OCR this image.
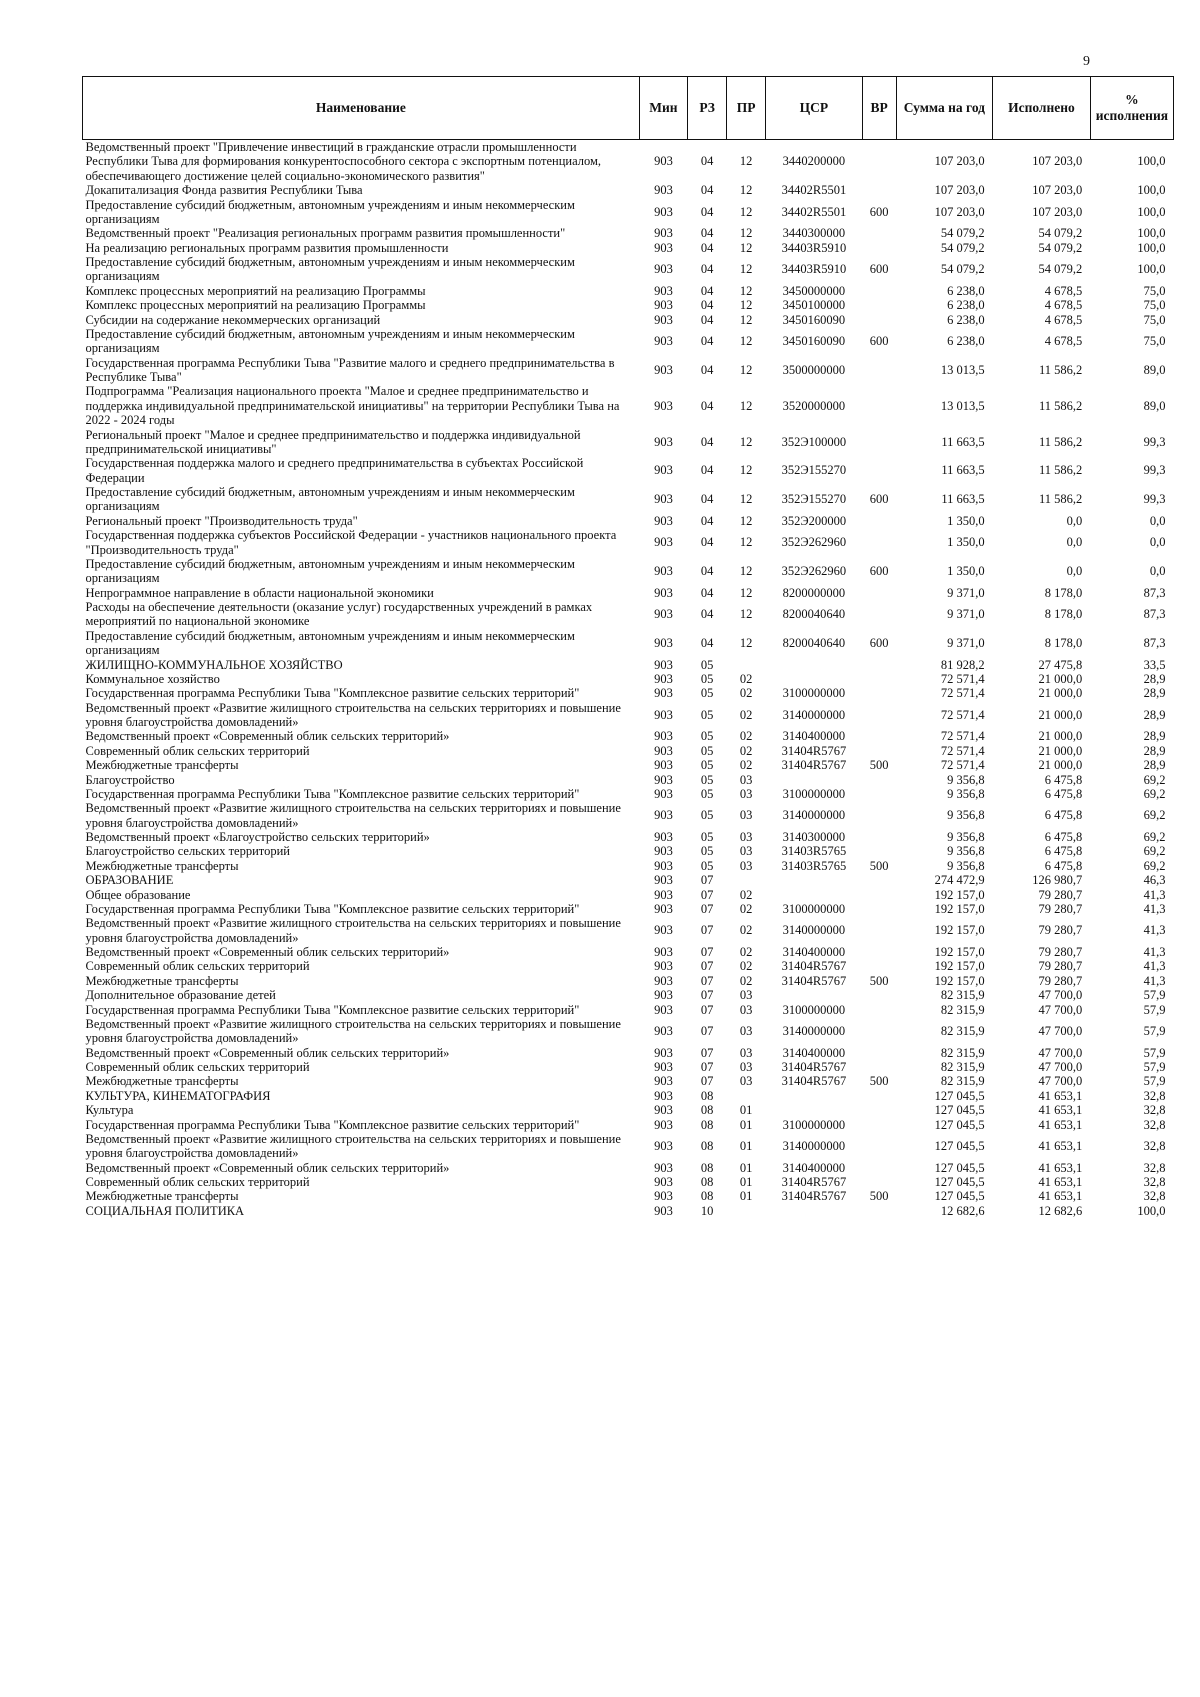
9
Наименование	Мин	РЗ	ПР	ЦСР	ВР	Сумма на год	Исполнено	% исполнения
Ведомственный проект "Привлечение инвестиций в гражданские отрасли промышленности Республики Тыва для формирования конкурентоспособного сектора с экспортным потенциалом, обеспечивающего достижение целей социально-экономического развития"	903	04	12	3440200000		107 203,0	107 203,0	100,0
Докапитализация Фонда развития Республики Тыва	903	04	12	34402R5501		107 203,0	107 203,0	100,0
Предоставление субсидий бюджетным, автономным учреждениям и иным некоммерческим организациям	903	04	12	34402R5501	600	107 203,0	107 203,0	100,0
Ведомственный проект "Реализация региональных программ развития промышленности"	903	04	12	3440300000		54 079,2	54 079,2	100,0
На реализацию региональных программ развития промышленности	903	04	12	34403R5910		54 079,2	54 079,2	100,0
Предоставление субсидий бюджетным, автономным учреждениям и иным некоммерческим организациям	903	04	12	34403R5910	600	54 079,2	54 079,2	100,0
Комплекс процессных мероприятий на реализацию Программы	903	04	12	3450000000		6 238,0	4 678,5	75,0
Комплекс процессных мероприятий на реализацию Программы	903	04	12	3450100000		6 238,0	4 678,5	75,0
Субсидии на содержание некоммерческих организаций	903	04	12	3450160090		6 238,0	4 678,5	75,0
Предоставление субсидий бюджетным, автономным учреждениям и иным некоммерческим организациям	903	04	12	3450160090	600	6 238,0	4 678,5	75,0
Государственная программа Республики Тыва "Развитие малого и среднего предпринимательства в Республике Тыва"	903	04	12	3500000000		13 013,5	11 586,2	89,0
Подпрограмма "Реализация национального проекта "Малое и среднее предпринимательство и поддержка индивидуальной предпринимательской инициативы" на территории Республики Тыва на 2022 - 2024 годы	903	04	12	3520000000		13 013,5	11 586,2	89,0
Региональный проект "Малое и среднее предпринимательство и поддержка индивидуальной предпринимательской инициативы"	903	04	12	352Э100000		11 663,5	11 586,2	99,3
Государственная поддержка малого и среднего предпринимательства в субъектах Российской Федерации	903	04	12	352Э155270		11 663,5	11 586,2	99,3
Предоставление субсидий бюджетным, автономным учреждениям и иным некоммерческим организациям	903	04	12	352Э155270	600	11 663,5	11 586,2	99,3
Региональный проект "Производительность труда"	903	04	12	352Э200000		1 350,0	0,0	0,0
Государственная поддержка субъектов Российской Федерации - участников национального проекта "Производительность труда"	903	04	12	352Э262960		1 350,0	0,0	0,0
Предоставление субсидий бюджетным, автономным учреждениям и иным некоммерческим организациям	903	04	12	352Э262960	600	1 350,0	0,0	0,0
Непрограммное направление в области национальной экономики	903	04	12	8200000000		9 371,0	8 178,0	87,3
Расходы на обеспечение деятельности (оказание услуг) государственных учреждений в рамках мероприятий по национальной экономике	903	04	12	8200040640		9 371,0	8 178,0	87,3
Предоставление субсидий бюджетным, автономным учреждениям и иным некоммерческим организациям	903	04	12	8200040640	600	9 371,0	8 178,0	87,3
ЖИЛИЩНО-КОММУНАЛЬНОЕ ХОЗЯЙСТВО	903	05				81 928,2	27 475,8	33,5
Коммунальное хозяйство	903	05	02			72 571,4	21 000,0	28,9
Государственная программа Республики Тыва "Комплексное развитие сельских территорий"	903	05	02	3100000000		72 571,4	21 000,0	28,9
Ведомственный проект «Развитие жилищного строительства на сельских территориях и повышение уровня благоустройства домовладений»	903	05	02	3140000000		72 571,4	21 000,0	28,9
Ведомственный проект «Современный облик сельских территорий»	903	05	02	3140400000		72 571,4	21 000,0	28,9
Современный облик сельских территорий	903	05	02	31404R5767		72 571,4	21 000,0	28,9
Межбюджетные трансферты	903	05	02	31404R5767	500	72 571,4	21 000,0	28,9
Благоустройство	903	05	03			9 356,8	6 475,8	69,2
Государственная программа Республики Тыва "Комплексное развитие сельских территорий"	903	05	03	3100000000		9 356,8	6 475,8	69,2
Ведомственный проект «Развитие жилищного строительства на сельских территориях и повышение уровня благоустройства домовладений»	903	05	03	3140000000		9 356,8	6 475,8	69,2
Ведомственный проект «Благоустройство сельских территорий»	903	05	03	3140300000		9 356,8	6 475,8	69,2
Благоустройство сельских территорий	903	05	03	31403R5765		9 356,8	6 475,8	69,2
Межбюджетные трансферты	903	05	03	31403R5765	500	9 356,8	6 475,8	69,2
ОБРАЗОВАНИЕ	903	07				274 472,9	126 980,7	46,3
Общее образование	903	07	02			192 157,0	79 280,7	41,3
Государственная программа Республики Тыва "Комплексное развитие сельских территорий"	903	07	02	3100000000		192 157,0	79 280,7	41,3
Ведомственный проект «Развитие жилищного строительства на сельских территориях и повышение уровня благоустройства домовладений»	903	07	02	3140000000		192 157,0	79 280,7	41,3
Ведомственный проект «Современный облик сельских территорий»	903	07	02	3140400000		192 157,0	79 280,7	41,3
Современный облик сельских территорий	903	07	02	31404R5767		192 157,0	79 280,7	41,3
Межбюджетные трансферты	903	07	02	31404R5767	500	192 157,0	79 280,7	41,3
Дополнительное образование детей	903	07	03			82 315,9	47 700,0	57,9
Государственная программа Республики Тыва "Комплексное развитие сельских территорий"	903	07	03	3100000000		82 315,9	47 700,0	57,9
Ведомственный проект «Развитие жилищного строительства на сельских территориях и повышение уровня благоустройства домовладений»	903	07	03	3140000000		82 315,9	47 700,0	57,9
Ведомственный проект «Современный облик сельских территорий»	903	07	03	3140400000		82 315,9	47 700,0	57,9
Современный облик сельских территорий	903	07	03	31404R5767		82 315,9	47 700,0	57,9
Межбюджетные трансферты	903	07	03	31404R5767	500	82 315,9	47 700,0	57,9
КУЛЬТУРА, КИНЕМАТОГРАФИЯ	903	08				127 045,5	41 653,1	32,8
Культура	903	08	01			127 045,5	41 653,1	32,8
Государственная программа Республики Тыва "Комплексное развитие сельских территорий"	903	08	01	3100000000		127 045,5	41 653,1	32,8
Ведомственный проект «Развитие жилищного строительства на сельских территориях и повышение уровня благоустройства домовладений»	903	08	01	3140000000		127 045,5	41 653,1	32,8
Ведомственный проект «Современный облик сельских территорий»	903	08	01	3140400000		127 045,5	41 653,1	32,8
Современный облик сельских территорий	903	08	01	31404R5767		127 045,5	41 653,1	32,8
Межбюджетные трансферты	903	08	01	31404R5767	500	127 045,5	41 653,1	32,8
СОЦИАЛЬНАЯ ПОЛИТИКА	903	10				12 682,6	12 682,6	100,0
